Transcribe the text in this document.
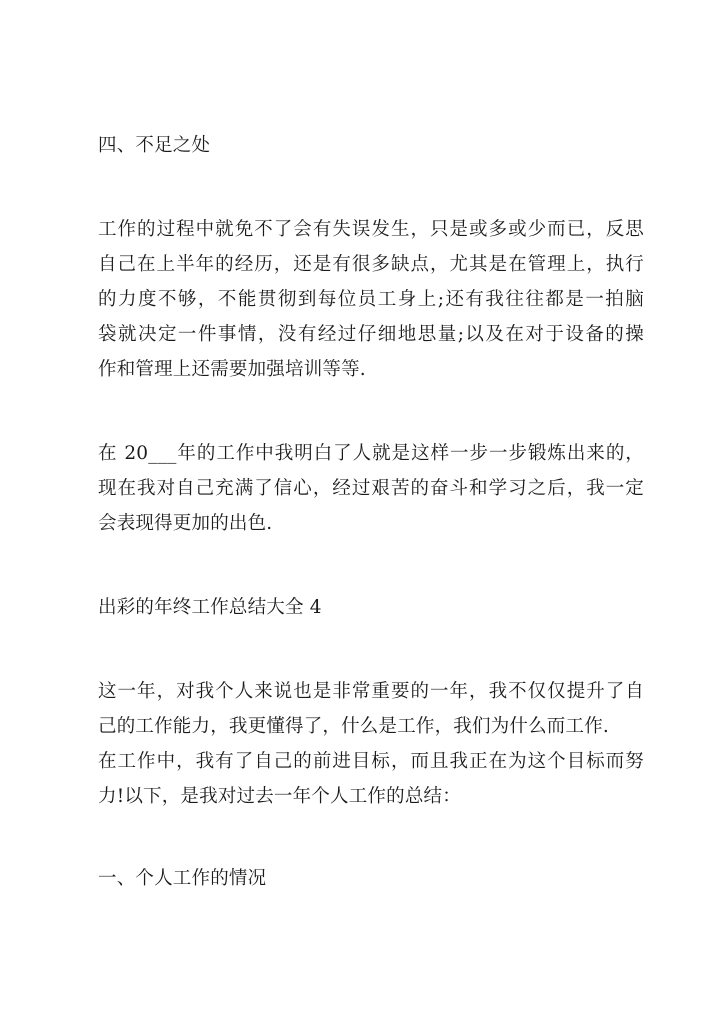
四、不足之处
工作的过程中就免不了会有失误发生，只是或多或少而已，反思
自己在上半年的经历，还是有很多缺点，尤其是在管理上，执行
的力度不够，不能贯彻到每位员工身上;还有我往往都是一拍脑
袋就决定一件事情，没有经过仔细地思量;以及在对于设备的操
作和管理上还需要加强培训等等.
在 20___年的工作中我明白了人就是这样一步一步锻炼出来的，
现在我对自己充满了信心，经过艰苦的奋斗和学习之后，我一定
会表现得更加的出色.
出彩的年终工作总结大全 4
这一年，对我个人来说也是非常重要的一年，我不仅仅提升了自
己的工作能力，我更懂得了，什么是工作，我们为什么而工作.
在工作中，我有了自己的前进目标，而且我正在为这个目标而努
力!以下，是我对过去一年个人工作的总结：
一、个人工作的情况
